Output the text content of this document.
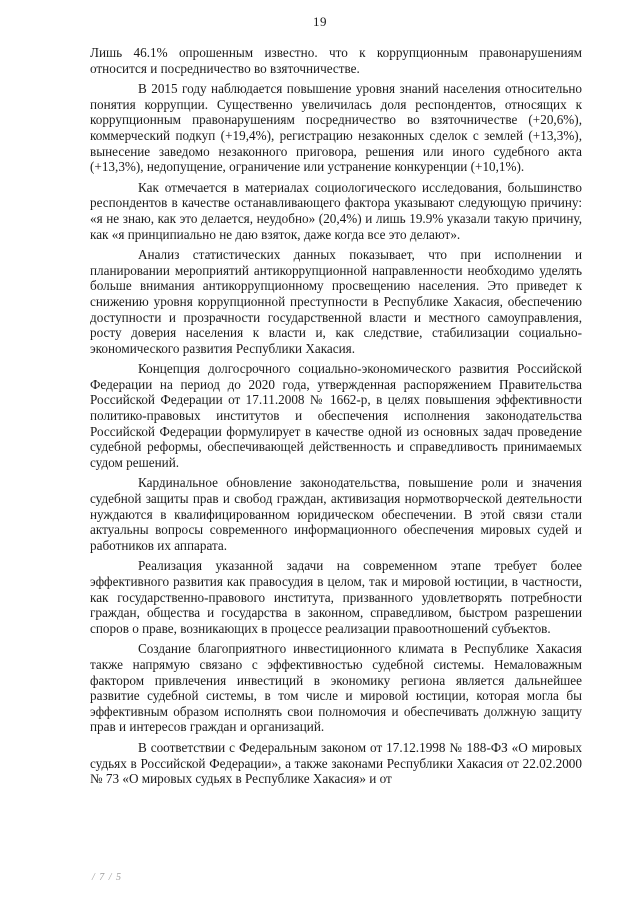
19

Лишь 46.1% опрошенным известно. что к коррупционным правонарушениям относится и посредничество во взяточничестве.

В 2015 году наблюдается повышение уровня знаний населения относительно понятия коррупции. Существенно увеличилась доля респондентов, относящих к коррупционным правонарушениям посредничество во взяточничестве (+20,6%), коммерческий подкуп (+19,4%), регистрацию незаконных сделок с землей (+13,3%), вынесение заведомо незаконного приговора, решения или иного судебного акта (+13,3%), недопущение, ограничение или устранение конкуренции (+10,1%).

Как отмечается в материалах социологического исследования, большинство респондентов в качестве останавливающего фактора указывают следующую причину: «я не знаю, как это делается, неудобно» (20,4%) и лишь 19.9% указали такую причину, как «я принципиально не даю взяток, даже когда все это делают».

Анализ статистических данных показывает, что при исполнении и планировании мероприятий антикоррупционной направленности необходимо уделять больше внимания антикоррупционному просвещению населения. Это приведет к снижению уровня коррупционной преступности в Республике Хакасия, обеспечению доступности и прозрачности государственной власти и местного самоуправления, росту доверия населения к власти и, как следствие, стабилизации социально-экономического развития Республики Хакасия.

Концепция долгосрочного социально-экономического развития Российской Федерации на период до 2020 года, утвержденная распоряжением Правительства Российской Федерации от 17.11.2008 № 1662-р, в целях повышения эффективности политико-правовых институтов и обеспечения исполнения законодательства Российской Федерации формулирует в качестве одной из основных задач проведение судебной реформы, обеспечивающей действенность и справедливость принимаемых судом решений.

Кардинальное обновление законодательства, повышение роли и значения судебной защиты прав и свобод граждан, активизация нормотворческой деятельности нуждаются в квалифицированном юридическом обеспечении. В этой связи стали актуальны вопросы современного информационного обеспечения мировых судей и работников их аппарата.

Реализация указанной задачи на современном этапе требует более эффективного развития как правосудия в целом, так и мировой юстиции, в частности, как государственно-правового института, призванного удовлетворять потребности граждан, общества и государства в законном, справедливом, быстром разрешении споров о праве, возникающих в процессе реализации правоотношений субъектов.

Создание благоприятного инвестиционного климата в Республике Хакасия также напрямую связано с эффективностью судебной системы. Немаловажным фактором привлечения инвестиций в экономику региона является дальнейшее развитие судебной системы, в том числе и мировой юстиции, которая могла бы эффективным образом исполнять свои полномочия и обеспечивать должную защиту прав и интересов граждан и организаций.

В соответствии с Федеральным законом от 17.12.1998 № 188-ФЗ «О мировых судьях в Российской Федерации», а также законами Республики Хакасия от 22.02.2000 № 73 «О мировых судьях в Республике Хакасия» и от

/ 7 / 5
